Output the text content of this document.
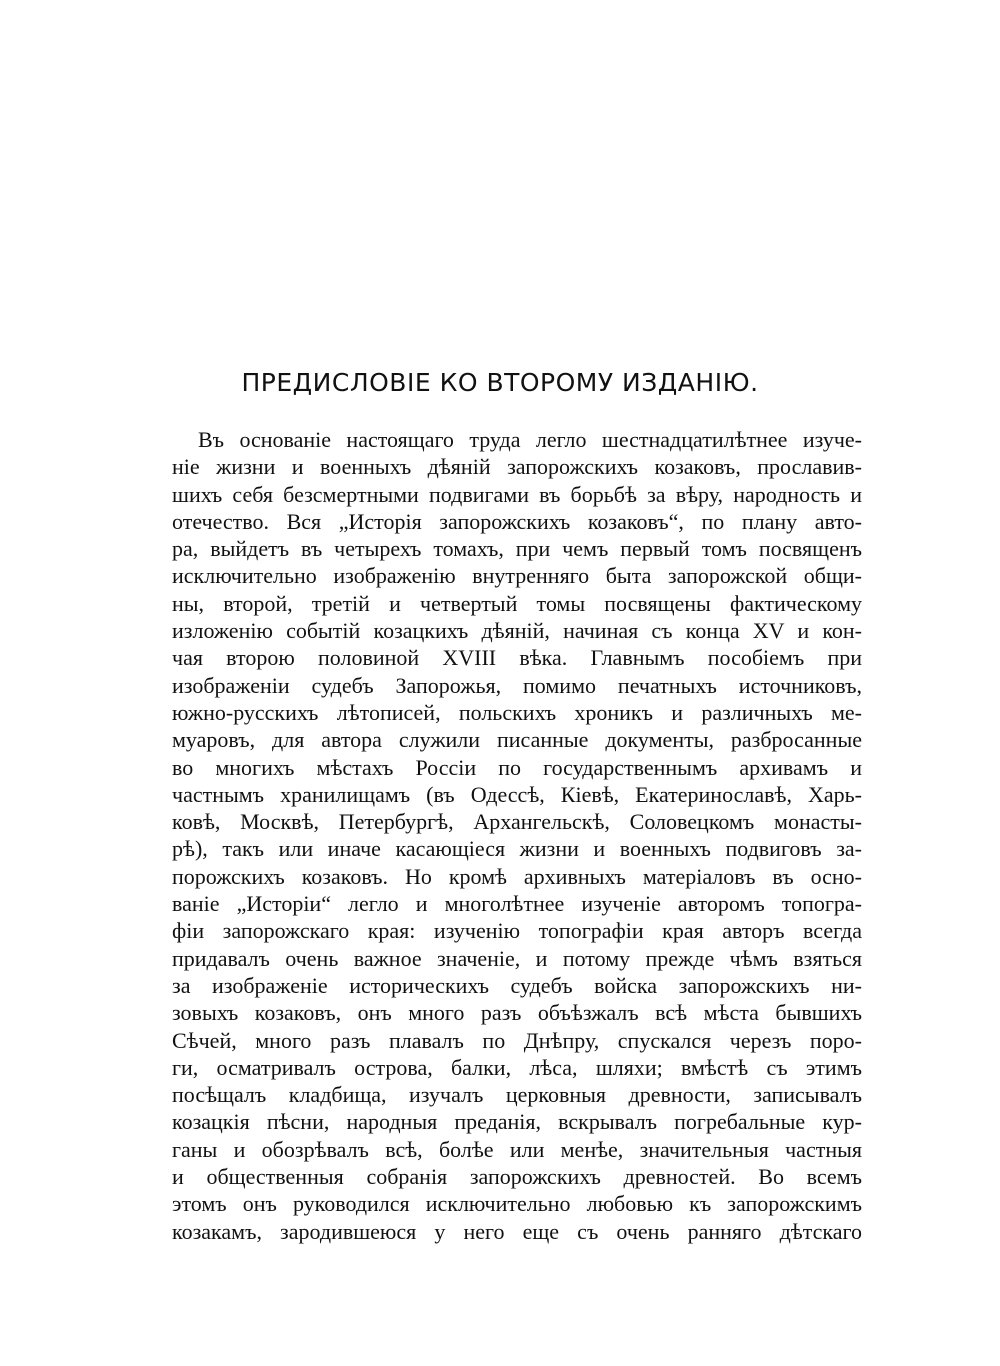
ПРЕДИСЛОВІЕ КО ВТОРОМУ ИЗДАНІЮ.
Въ основаніе настоящаго труда легло шестнадцатилѣтнее изуче-
ніе жизни и военныхъ дѣяній запорожскихъ козаковъ, прославив-
шихъ себя безсмертными подвигами въ борьбѣ за вѣру, народность и
отечество. Вся „Исторія запорожскихъ козаковъ“, по плану авто-
ра, выйдетъ въ четырехъ томахъ, при чемъ первый томъ посвященъ
исключительно изображенію внутренняго быта запорожской общи-
ны, второй, третій и четвертый томы посвящены фактическому
изложенію событій козацкихъ дѣяній, начиная съ конца XV и кон-
чая второю половиной XVIII вѣка. Главнымъ пособіемъ при
изображеніи судебъ Запорожья, помимо печатныхъ источниковъ,
южно-русскихъ лѣтописей, польскихъ хроникъ и различныхъ ме-
муаровъ, для автора служили писанные документы, разбросанные
во многихъ мѣстахъ Россіи по государственнымъ архивамъ и
частнымъ хранилищамъ (въ Одессѣ, Кіевѣ, Екатеринославѣ, Харь-
ковѣ, Москвѣ, Петербургѣ, Архангельскѣ, Соловецкомъ монасты-
рѣ), такъ или иначе касающіеся жизни и военныхъ подвиговъ за-
порожскихъ козаковъ. Но кромѣ архивныхъ матеріаловъ въ осно-
ваніе „Исторіи“ легло и многолѣтнее изученіе авторомъ топогра-
фіи запорожскаго края: изученію топографіи края авторъ всегда
придавалъ очень важное значеніе, и потому прежде чѣмъ взяться
за изображеніе историческихъ судебъ войска запорожскихъ ни-
зовыхъ козаковъ, онъ много разъ объѣзжалъ всѣ мѣста бывшихъ
Сѣчей, много разъ плавалъ по Днѣпру, спускался черезъ поро-
ги, осматривалъ острова, балки, лѣса, шляхи; вмѣстѣ съ этимъ
посѣщалъ кладбища, изучалъ церковныя древности, записывалъ
козацкія пѣсни, народныя преданія, вскрывалъ погребальные кур-
ганы и обозрѣвалъ всѣ, болѣе или менѣе, значительныя частныя
и общественныя собранія запорожскихъ древностей. Во всемъ
этомъ онъ руководился исключительно любовью къ запорожскимъ
козакамъ, зародившеюся у него еще съ очень ранняго дѣтскаго
